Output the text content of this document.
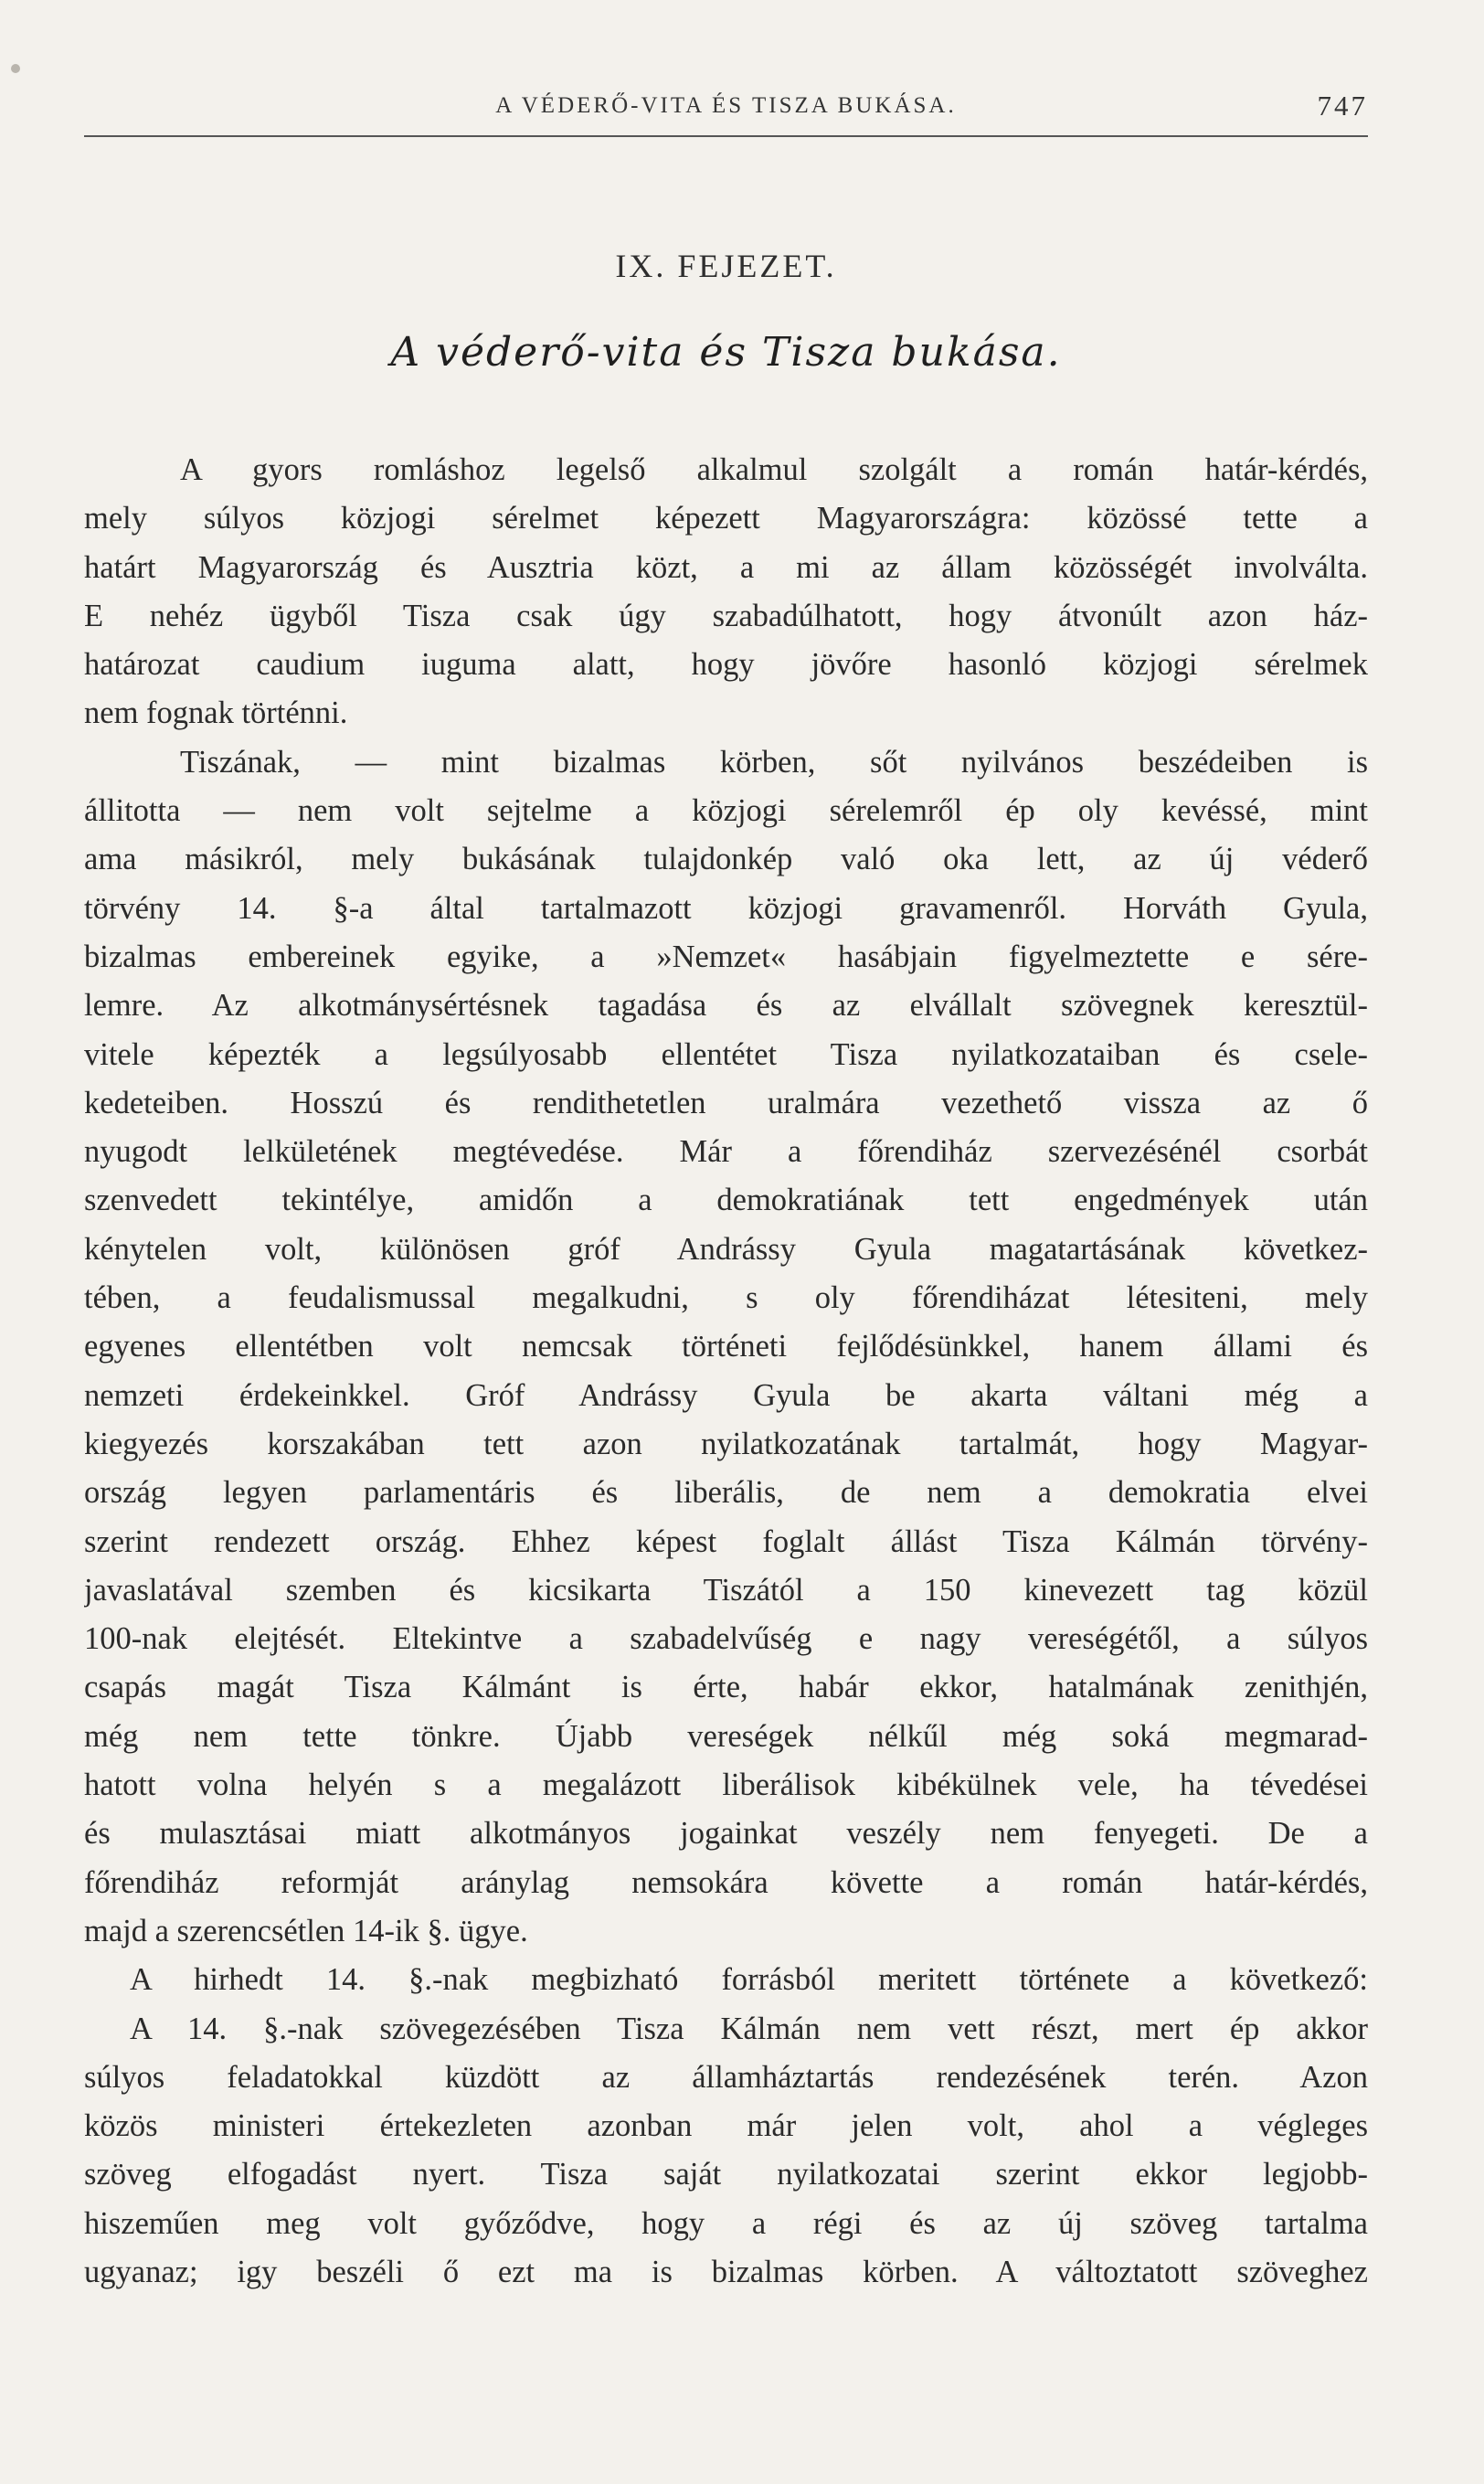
A VÉDERŐ-VITA ÉS TISZA BUKÁSA.	747
IX. FEJEZET.
A véderő-vita és Tisza bukása.
A gyors romláshoz legelső alkalmul szolgált a román határ-kérdés,
mely súlyos közjogi sérelmet képezett Magyarországra: közössé tette a
határt Magyarország és Ausztria közt, a mi az állam közösségét involválta.
E nehéz ügyből Tisza csak úgy szabadúlhatott, hogy átvonúlt azon ház-
határozat caudium iuguma alatt, hogy jövőre hasonló közjogi sérelmek
nem fognak történni.
Tiszának, — mint bizalmas körben, sőt nyilvános beszédeiben is
állitotta — nem volt sejtelme a közjogi sérelemről ép oly kevéssé, mint
ama másikról, mely bukásának tulajdonkép való oka lett, az új véderő
törvény 14. §-a által tartalmazott közjogi gravamenről. Horváth Gyula,
bizalmas embereinek egyike, a »Nemzet« hasábjain figyelmeztette e sére-
lemre. Az alkotmánysértésnek tagadása és az elvállalt szövegnek keresztül-
vitele képezték a legsúlyosabb ellentétet Tisza nyilatkozataiban és csele-
kedeteiben. Hosszú és rendithetetlen uralmára vezethető vissza az ő
nyugodt lelkületének megtévedése. Már a főrendiház szervezésénél csorbát
szenvedett tekintélye, amidőn a demokratiának tett engedmények után
kénytelen volt, különösen gróf Andrássy Gyula magatartásának következ-
tében, a feudalismussal megalkudni, s oly főrendiházat létesiteni, mely
egyenes ellentétben volt nemcsak történeti fejlődésünkkel, hanem állami és
nemzeti érdekeinkkel. Gróf Andrássy Gyula be akarta váltani még a
kiegyezés korszakában tett azon nyilatkozatának tartalmát, hogy Magyar-
ország legyen parlamentáris és liberális, de nem a demokratia elvei
szerint rendezett ország. Ehhez képest foglalt állást Tisza Kálmán törvény-
javaslatával szemben és kicsikarta Tiszától a 150 kinevezett tag közül
100-nak elejtését. Eltekintve a szabadelvűség e nagy vereségétől, a súlyos
csapás magát Tisza Kálmánt is érte, habár ekkor, hatalmának zenithjén,
még nem tette tönkre. Újabb vereségek nélkűl még soká megmarad-
hatott volna helyén s a megalázott liberálisok kibékülnek vele, ha tévedései
és mulasztásai miatt alkotmányos jogainkat veszély nem fenyegeti. De a
főrendiház reformját aránylag nemsokára követte a román határ-kérdés,
majd a szerencsétlen 14-ik §. ügye.
A hirhedt 14. §.-nak megbizható forrásból meritett története a következő:
A 14. §.-nak szövegezésében Tisza Kálmán nem vett részt, mert ép akkor
súlyos feladatokkal küzdött az államháztartás rendezésének terén. Azon
közös ministeri értekezleten azonban már jelen volt, ahol a végleges
szöveg elfogadást nyert. Tisza saját nyilatkozatai szerint ekkor legjobb-
hiszeműen meg volt győződve, hogy a régi és az új szöveg tartalma
ugyanaz; igy beszéli ő ezt ma is bizalmas körben. A változtatott szöveghez
